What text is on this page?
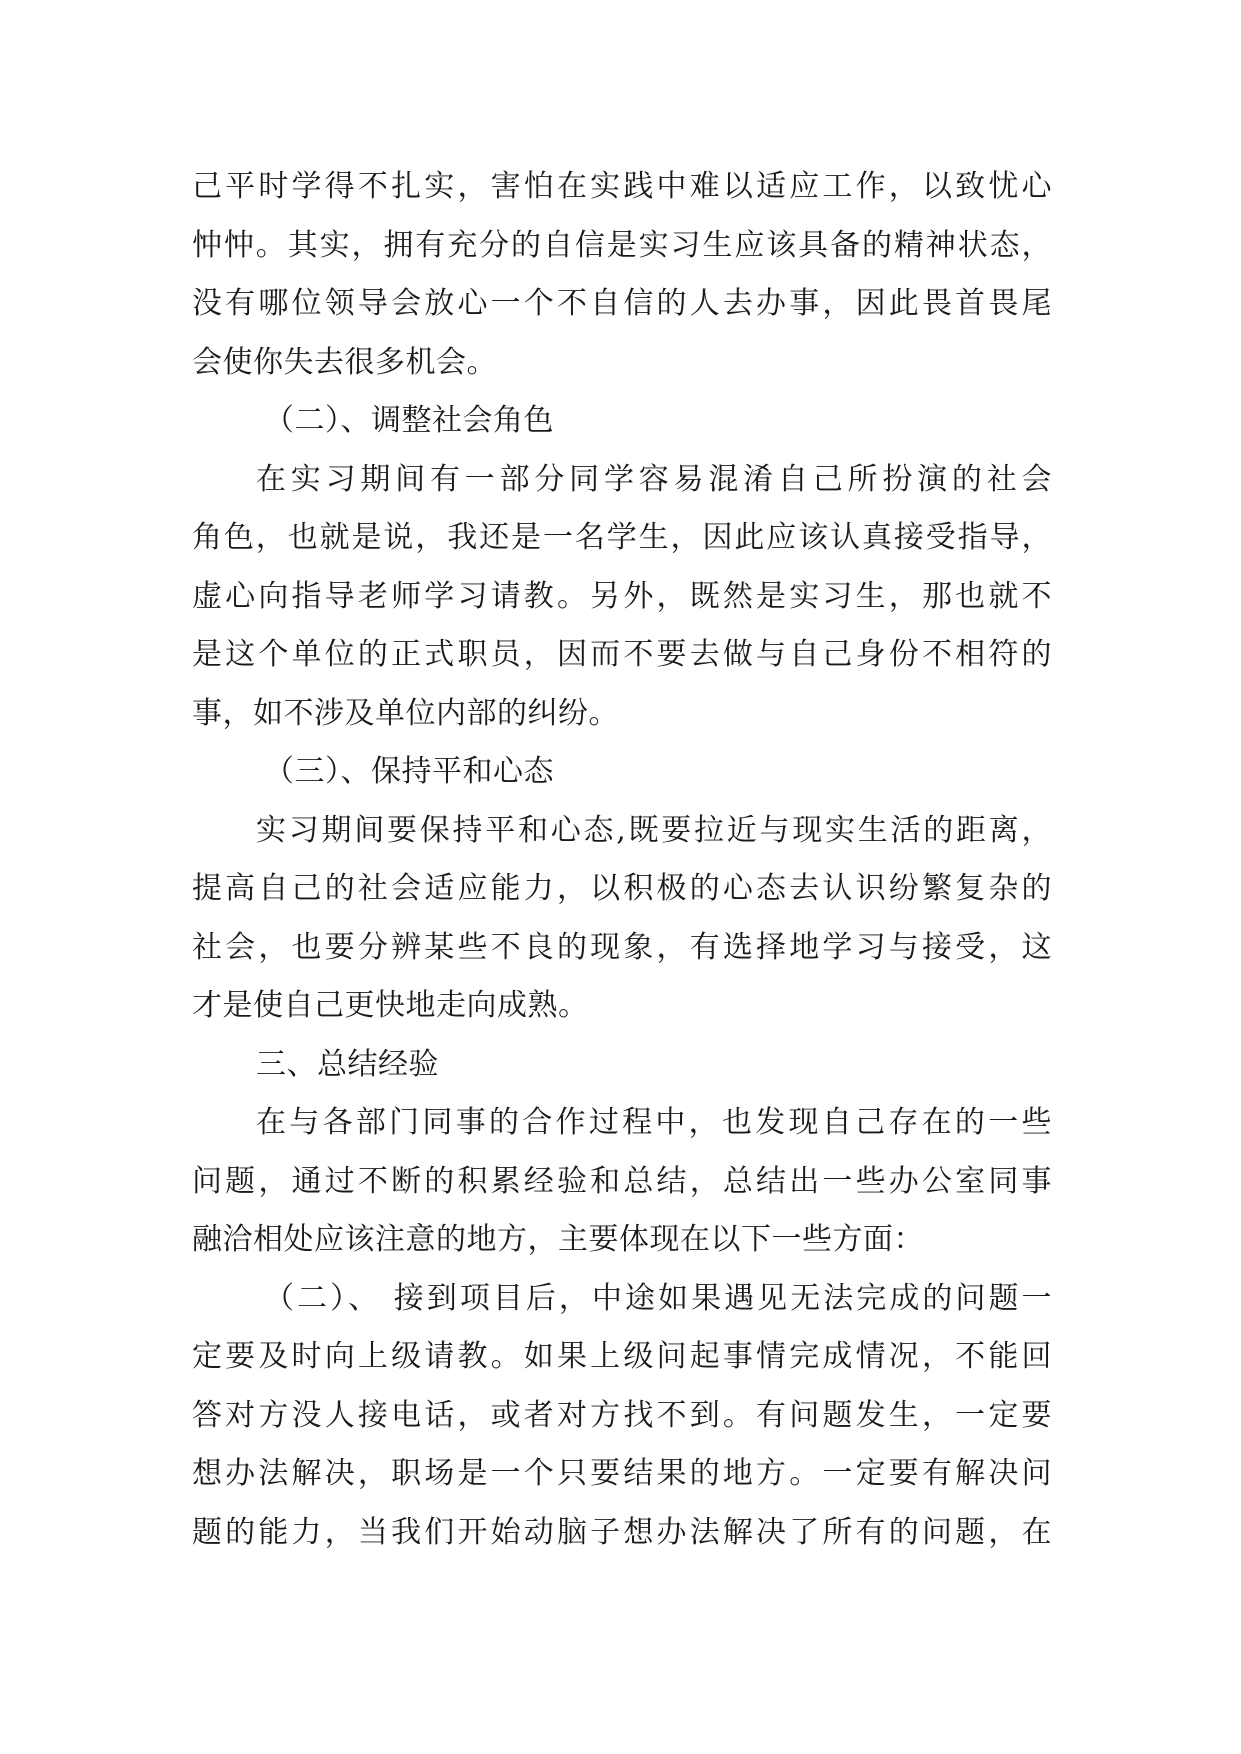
己平时学得不扎实，害怕在实践中难以适应工作，以致忧心
忡忡。其实，拥有充分的自信是实习生应该具备的精神状态，
没有哪位领导会放心一个不自信的人去办事，因此畏首畏尾
会使你失去很多机会。
（二）、调整社会角色
在实习期间有一部分同学容易混淆自己所扮演的社会
角色，也就是说，我还是一名学生，因此应该认真接受指导，
虚心向指导老师学习请教。另外，既然是实习生，那也就不
是这个单位的正式职员，因而不要去做与自己身份不相符的
事，如不涉及单位内部的纠纷。
（三）、保持平和心态
实习期间要保持平和心态,既要拉近与现实生活的距离，
提高自己的社会适应能力，以积极的心态去认识纷繁复杂的
社会，也要分辨某些不良的现象，有选择地学习与接受，这
才是使自己更快地走向成熟。
三、总结经验
在与各部门同事的合作过程中，也发现自己存在的一些
问题，通过不断的积累经验和总结，总结出一些办公室同事
融洽相处应该注意的地方，主要体现在以下一些方面：
（二）、 接到项目后，中途如果遇见无法完成的问题一
定要及时向上级请教。如果上级问起事情完成情况，不能回
答对方没人接电话，或者对方找不到。有问题发生，一定要
想办法解决，职场是一个只要结果的地方。一定要有解决问
题的能力，当我们开始动脑子想办法解决了所有的问题，在
